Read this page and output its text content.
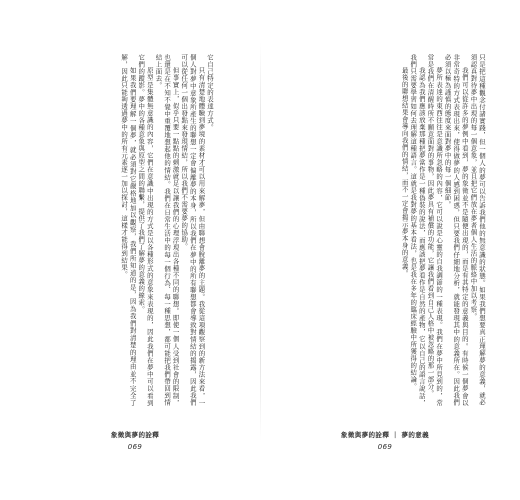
它自己特定的表達方式。

只有清楚地體驗到夢境的素材才可以用來解夢，但由聯想會脫離夢的主題。我從這項觀察到的新方法來看，一個人對夢中意象所產生的聯想一定會偏離夢的本身，所以我們在夢中的所有聯想都會導致對情結的揭露，因此我們可以從任何一個出發點來發現情結，所以我們不需要夢的協助。

但事實上，似乎只要一點點的刺激就足以讓我們的心理浮現出各種不同的聯想。即使一個人受到社會的限制，也還是在不知不覺中重覆地想起他的情結。我們在日常生活中的每一個行為、每一種思想，都可能把我們帶回到情結上面去。

原型是集體無意識的內容，它們在意識中出現的方式是以各種形式的意象來表現的，因此我們在夢中可以看到它們的蹤影。夢中的各種意象與原型之間的聯繫，提供了我們了解夢的意義的線索。

如果我們要理解一個夢，就必須對它嚴格地加以觀察，我們所知道的是，因為我們對清楚的理由並不完全了解，因此只能夠透過夢中的所有元素逐一加以探討，這樣才能得到結果。

象徵與夢的詮釋
069

只是把這種觀念付諸實踐，但一個人的夢可以告訴我們他的無意識的狀態。如果我們想要真正理解夢的意義，就必須認真對待夢中出現的每一個意象，並且把它們放在夢者個人生活的脈絡中加以考察。

我們可以從許多的夢例中看到，夢的象徵並不是隨便出現的，而是有其特定的意義與目的。有時候一個夢會以非常奇特的方式表現出來，使得做夢的人感到困惑，但只要我們仔細地分析，就能發現其中的意義所在。因此我們必須以極為謹慎的態度來面對夢中的每一個細節。

夢所表達的東西往往是意識所忽略的內容，它可以說是心靈的自我調節的一種表現。我們在夢中所見到的，常常是我們在清醒時所不願意面對的事物，因此夢具有補償的功能，它讓我們看到自己人格中被忽略的那一部分。

我認為我們應該放棄那種把夢當作是一種偽裝的說法，而應該把夢看作是自然的產物，它以自己的語言說話，我們只需要學習如何去理解這種語言。這就是我對夢的基本看法，也是我在多年的臨床經驗中所獲得的結論。

最後的聯想結果會導向我們的情結，而不一定會揭示夢本身的意義。

象徵與夢的詮釋 ｜ 夢的意義
069
